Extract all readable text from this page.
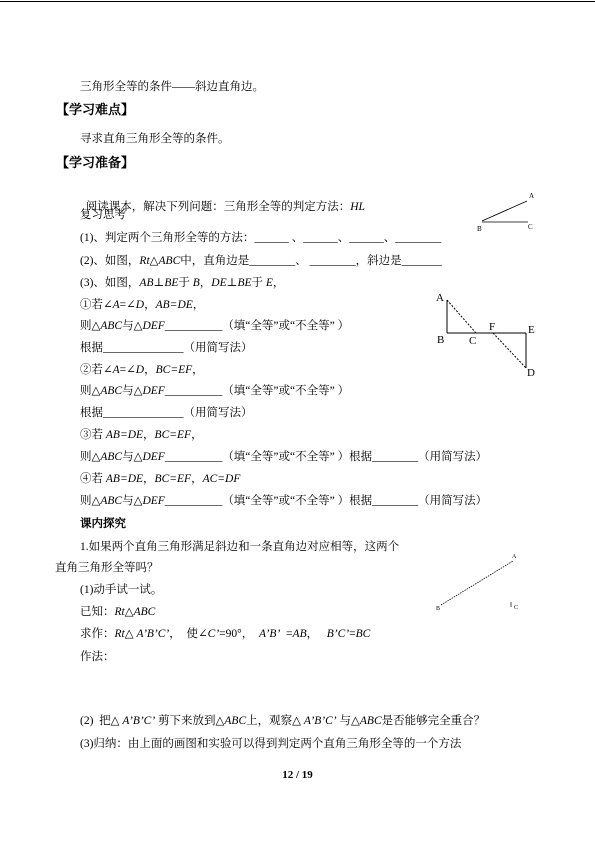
三角形全等的条件——斜边直角边。
【学习难点】
寻求直角三角形全等的条件。
【学习准备】

阅读课本，解决下列问题：三角形全等的判定方法：HL

复习思考
(1)、判定两个三角形全等的方法：______ 、______、______、________
(2)、如图，Rt△ABC中，直角边是________、 ________，斜边是_______
(3)、如图，AB⊥BE于 B，DE⊥BE于 E，
①若∠A=∠D，AB=DE，
则△ABC与△DEF__________（填“全等”或“不全等” ）
根据______________（用简写法）
②若∠A=∠D，BC=EF，
则△ABC与△DEF__________（填“全等”或“不全等” ）
根据______________（用简写法）
③若 AB=DE，BC=EF，
则△ABC与△DEF__________（填“全等”或“不全等” ）根据________（用简写法）
④若 AB=DE，BC=EF，AC=DF
则△ABC与△DEF__________（填“全等”或“不全等” ）根据________（用简写法）
课内探究
1.如果两个直角三角形满足斜边和一条直角边对应相等，这两个
直角三角形全等吗？
(1)动手试一试。
已知：Rt△ABC
求作：Rt△ A’B’C’，  使∠C’=90°，  A’B’  =AB，   B’C’=BC
作法：
(2)  把△ A’B’C’ 剪下来放到△ABC上，观察△ A’B’C’ 与△ABC是否能够完全重合？
(3)归纳：由上面的画图和实验可以得到判定两个直角三角形全等的一个方法
12 / 19
A
B	C
A
B C
F	E
D
A
B	C
